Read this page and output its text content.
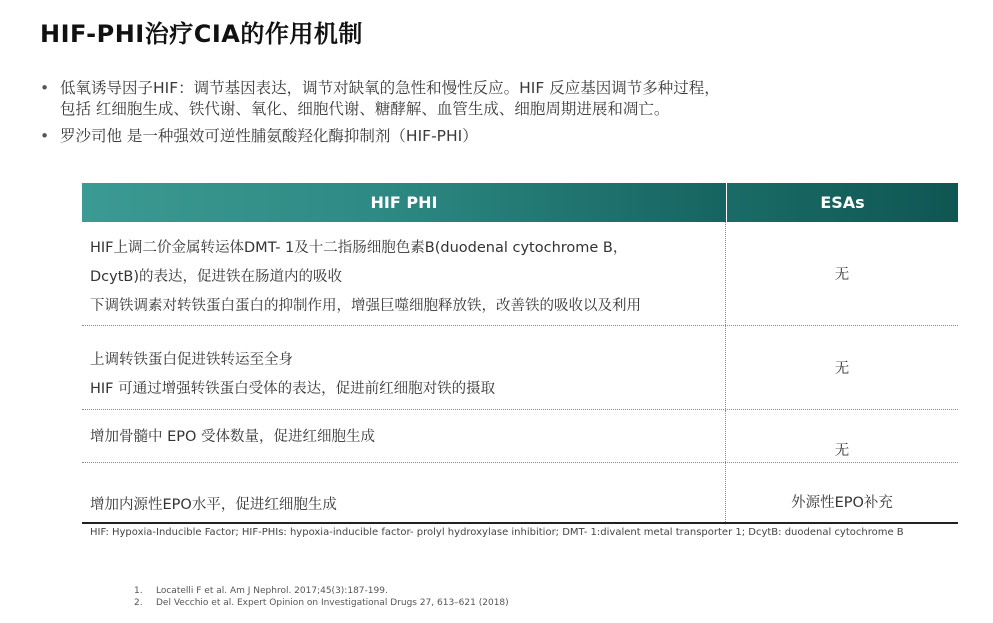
HIF-PHI治疗CIA的作用机制
• 低氧诱导因子HIF：调节基因表达，调节对缺氧的急性和慢性反应。HIF 反应基因调节多种过程，
包括 红细胞生成、铁代谢、氧化、细胞代谢、糖酵解、血管生成、细胞周期进展和凋亡。
• 罗沙司他 是一种强效可逆性脯氨酸羟化酶抑制剂（HIF-PHI）
HIF PHI	ESAs
HIF上调二价金属转运体DMT- 1及十二指肠细胞色素B(duodenal cytochrome B，
DcytB)的表达，促进铁在肠道内的吸收
下调铁调素对转铁蛋白蛋白的抑制作用，增强巨噬细胞释放铁，改善铁的吸收以及利用
无
上调转铁蛋白促进铁转运至全身
HIF 可通过增强转铁蛋白受体的表达，促进前红细胞对铁的摄取
无
增加骨髓中 EPO 受体数量，促进红细胞生成
无
增加内源性EPO水平，促进红细胞生成	外源性EPO补充
HIF: Hypoxia-Inducible Factor; HIF-PHIs: hypoxia-inducible factor- prolyl hydroxylase inhibitior; DMT- 1:divalent metal transporter 1; DcytB: duodenal cytochrome B
1. Locatelli F et al. Am J Nephrol. 2017;45(3):187-199.
2. Del Vecchio et al. Expert Opinion on Investigational Drugs 27, 613–621 (2018)
